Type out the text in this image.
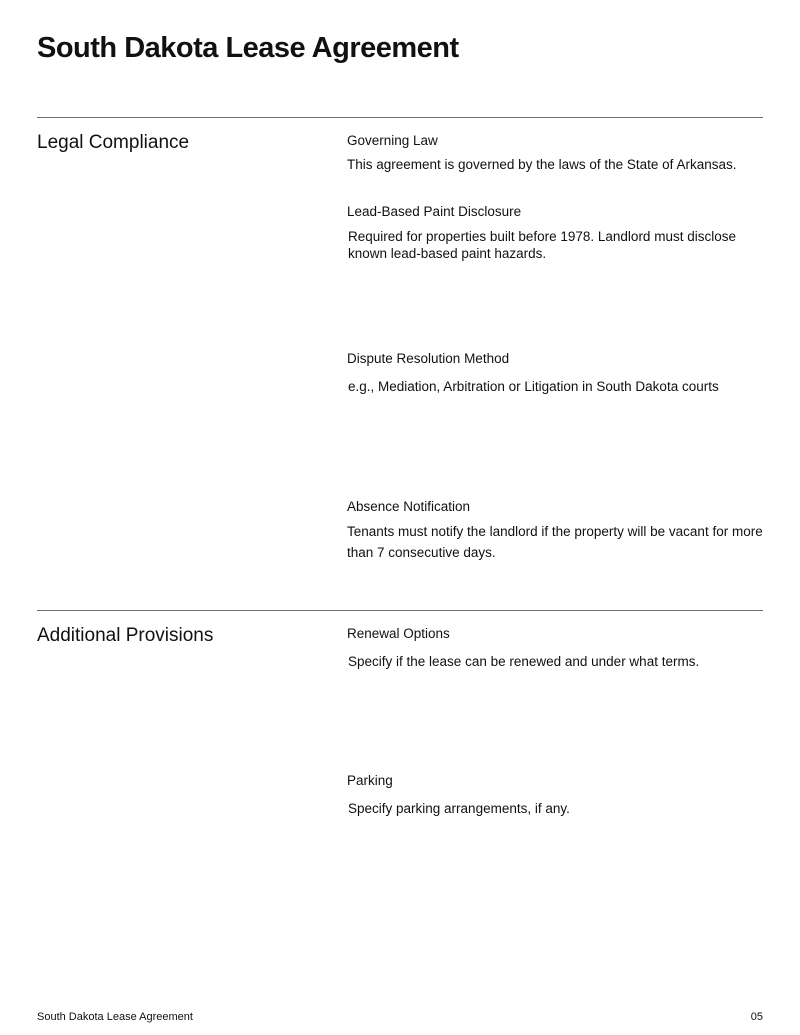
South Dakota Lease Agreement
Legal Compliance	Governing Law

This agreement is governed by the laws of the State of Arkansas.

Lead-Based Paint Disclosure

Required for properties built before 1978. Landlord must disclose known lead-based paint hazards.

Dispute Resolution Method

e.g., Mediation, Arbitration or Litigation in South Dakota courts

Absence Notification

Tenants must notify the landlord if the property will be vacant for more than 7 consecutive days.

Additional Provisions	Renewal Options

Specify if the lease can be renewed and under what terms.

Parking

Specify parking arrangements, if any.

South Dakota Lease Agreement	05
